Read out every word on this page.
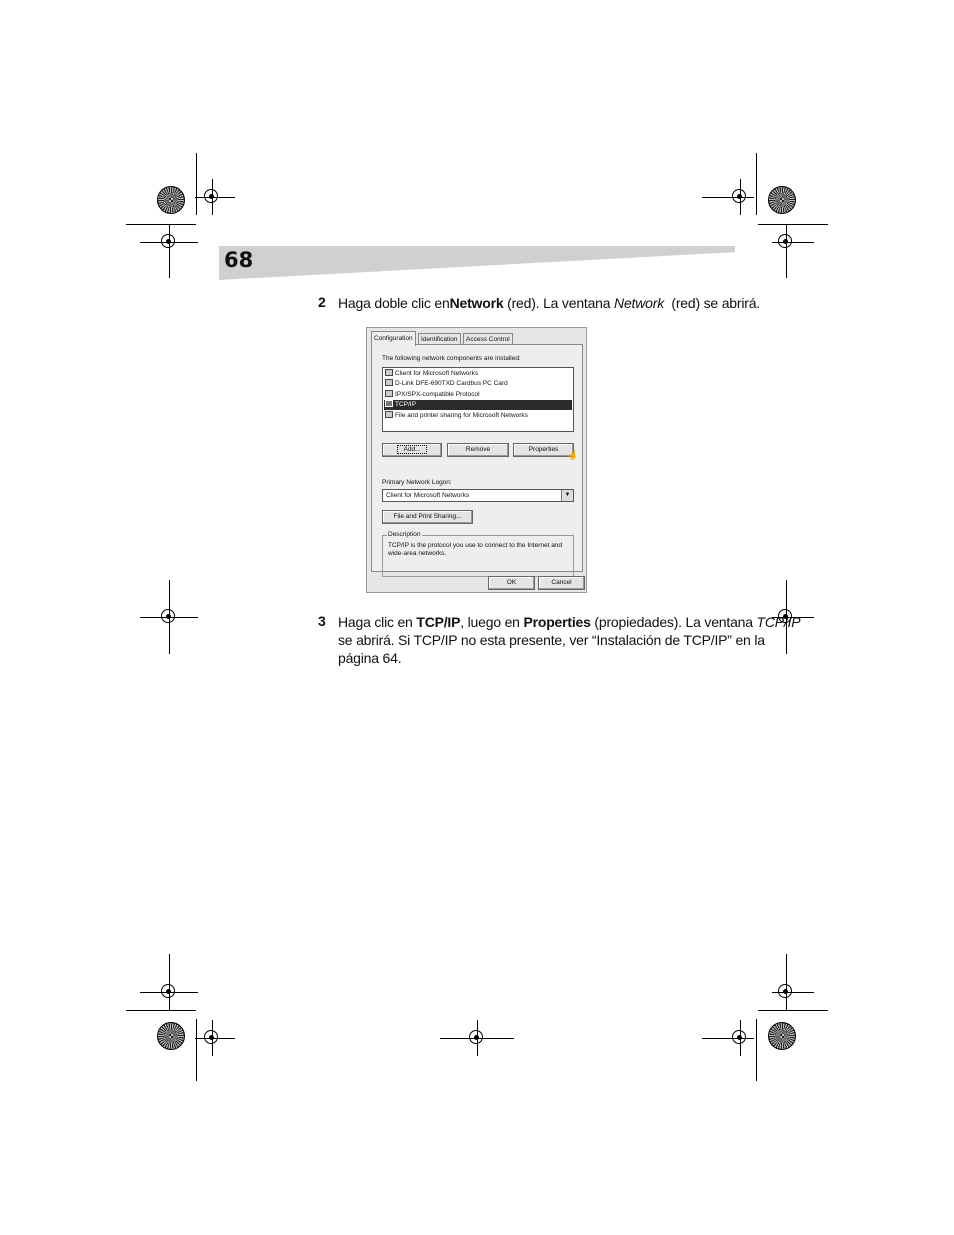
68
2 Haga doble clic enNetwork (red). La ventana Network  (red) se abrirá.
Configuration	Identification	Access Control
The following network components are installed:
Client for Microsoft Networks
D-Link DFE-690TXD Cardbus PC Card
IPX/SPX-compatible Protocol
TCP/IP
File and printer sharing for Microsoft Networks
Add...	Remove	Properties
☝
Primary Network Logon:
Client for Microsoft Networks	▼
File and Print Sharing...
Description
TCP/IP is the protocol you use to connect to the Internet and wide-area networks.
OK	Cancel
3 Haga clic en TCP/IP, luego en Properties (propiedades). La ventana TCP/IP
se abrirá. Si TCP/IP no esta presente, ver “Instalación de TCP/IP” en la
página 64.
